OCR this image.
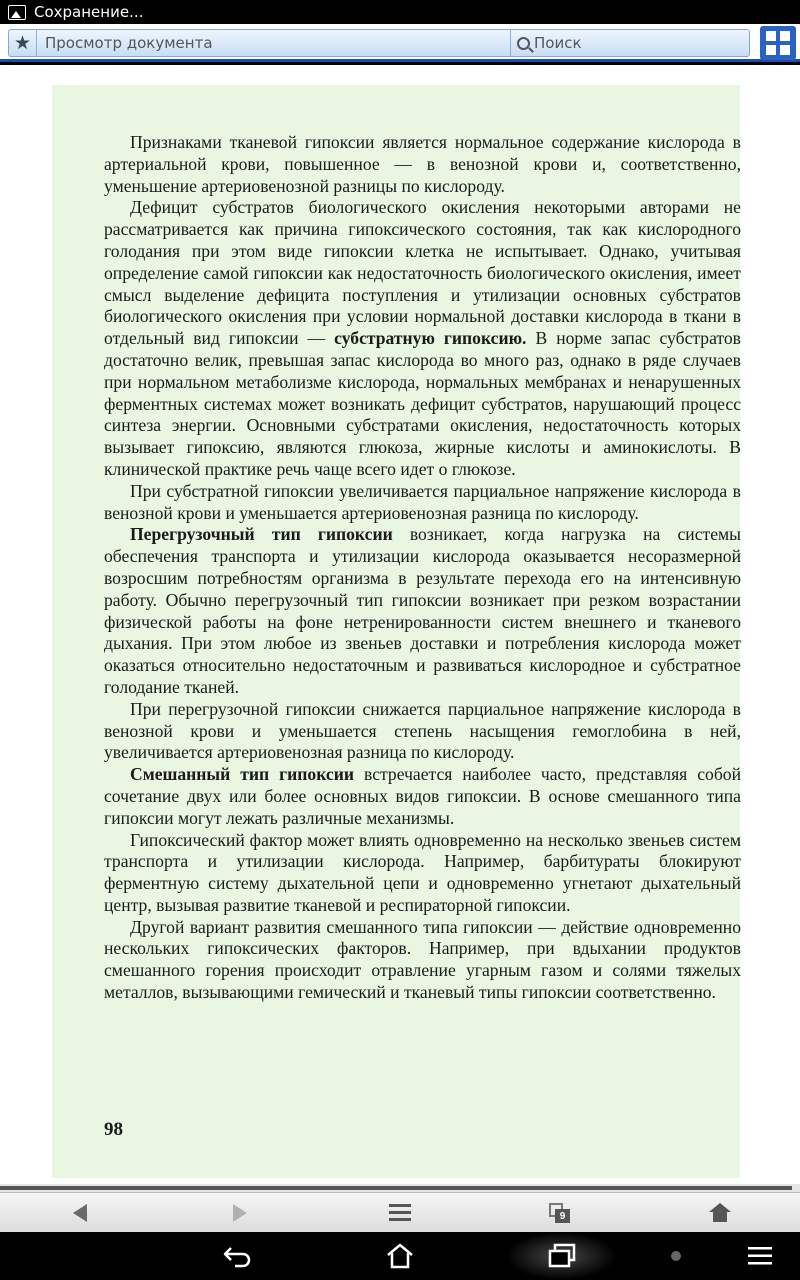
Сохранение...
★ Просмотр документа	Поиск

Признаками тканевой гипоксии является нормальное содержание кислорода в артериальной крови, повышенное — в венозной крови и, соответственно, уменьшение артериовенозной разницы по кислороду.

Дефицит субстратов биологического окисления некоторыми авторами не рассматривается как причина гипоксического состояния, так как кислородного голодания при этом виде гипоксии клетка не испытывает. Однако, учитывая определение самой гипоксии как недостаточность биологического окисления, имеет смысл выделение дефицита поступления и утилизации основных субстратов биологического окисления при условии нормальной доставки кислорода в ткани в отдельный вид гипоксии — субстратную гипоксию. В норме запас субстратов достаточно велик, превышая запас кислорода во много раз, однако в ряде случаев при нормальном метаболизме кислорода, нормальных мембранах и ненарушенных ферментных системах может возникать дефицит субстратов, нарушающий процесс синтеза энергии. Основными субстратами окисления, недостаточность которых вызывает гипоксию, являются глюкоза, жирные кислоты и аминокислоты. В клинической практике речь чаще всего идет о глюкозе.

При субстратной гипоксии увеличивается парциальное напряжение кислорода в венозной крови и уменьшается артериовенозная разница по кислороду.

Перегрузочный тип гипоксии возникает, когда нагрузка на системы обеспечения транспорта и утилизации кислорода оказывается несоразмерной возросшим потребностям организма в результате перехода его на интенсивную работу. Обычно перегрузочный тип гипоксии возникает при резком возрастании физической работы на фоне нетренированности систем внешнего и тканевого дыхания. При этом любое из звеньев доставки и потребления кислорода может оказаться относительно недостаточным и развиваться кислородное и субстратное голодание тканей.

При перегрузочной гипоксии снижается парциальное напряжение кислорода в венозной крови и уменьшается степень насыщения гемоглобина в ней, увеличивается артериовенозная разница по кислороду.

Смешанный тип гипоксии встречается наиболее часто, представляя собой сочетание двух или более основных видов гипоксии. В основе смешанного типа гипоксии могут лежать различные механизмы.

Гипоксический фактор может влиять одновременно на несколько звеньев систем транспорта и утилизации кислорода. Например, барбитураты блокируют ферментную систему дыхательной цепи и одновременно угнетают дыхательный центр, вызывая развитие тканевой и респираторной гипоксии.

Другой вариант развития смешанного типа гипоксии — действие одновременно нескольких гипоксических факторов. Например, при вдыхании продуктов смешанного горения происходит отравление угарным газом и солями тяжелых металлов, вызывающими гемический и тканевый типы гипоксии соответственно.

98
9
